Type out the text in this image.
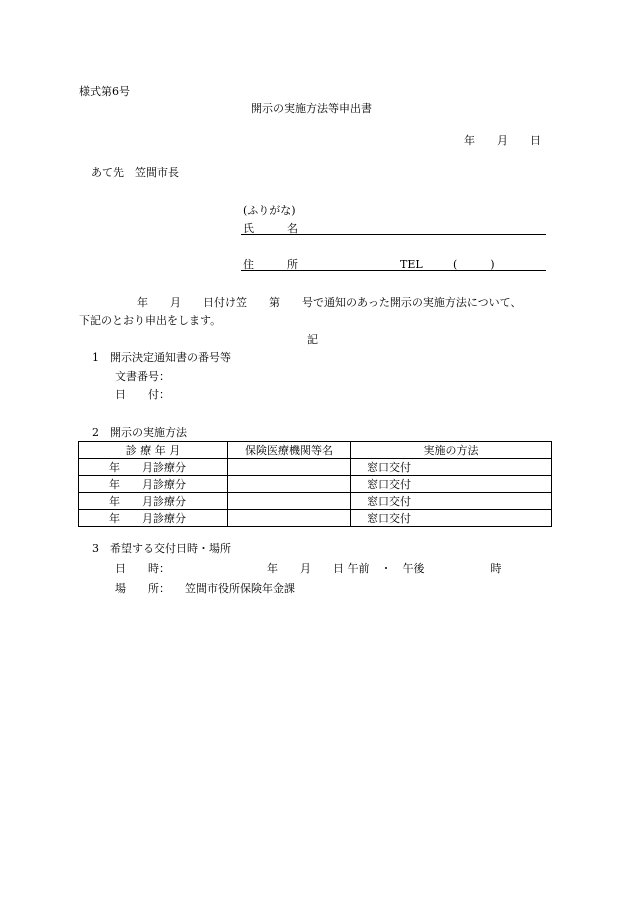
様式第6号
開示の実施方法等申出書
年　　月　　日
あて先　笠間市長
(ふりがな)
氏　　　名
住　　　所	TEL	(　　　)
年　　月　　日付け笠　　第　　号で通知のあった開示の実施方法について、
下記のとおり申出をします。
記
1　開示決定通知書の番号等
文書番号：
日　　付：
2　開示の実施方法
診 療 年 月	保険医療機関等名	実施の方法
年　　月診療分		窓口交付
年　　月診療分		窓口交付
年　　月診療分		窓口交付
年　　月診療分		窓口交付
3　希望する交付日時・場所
日　　時：	年　　月　　日 午前　・　午後　　　　　　時
場　　所： 笠間市役所保険年金課
